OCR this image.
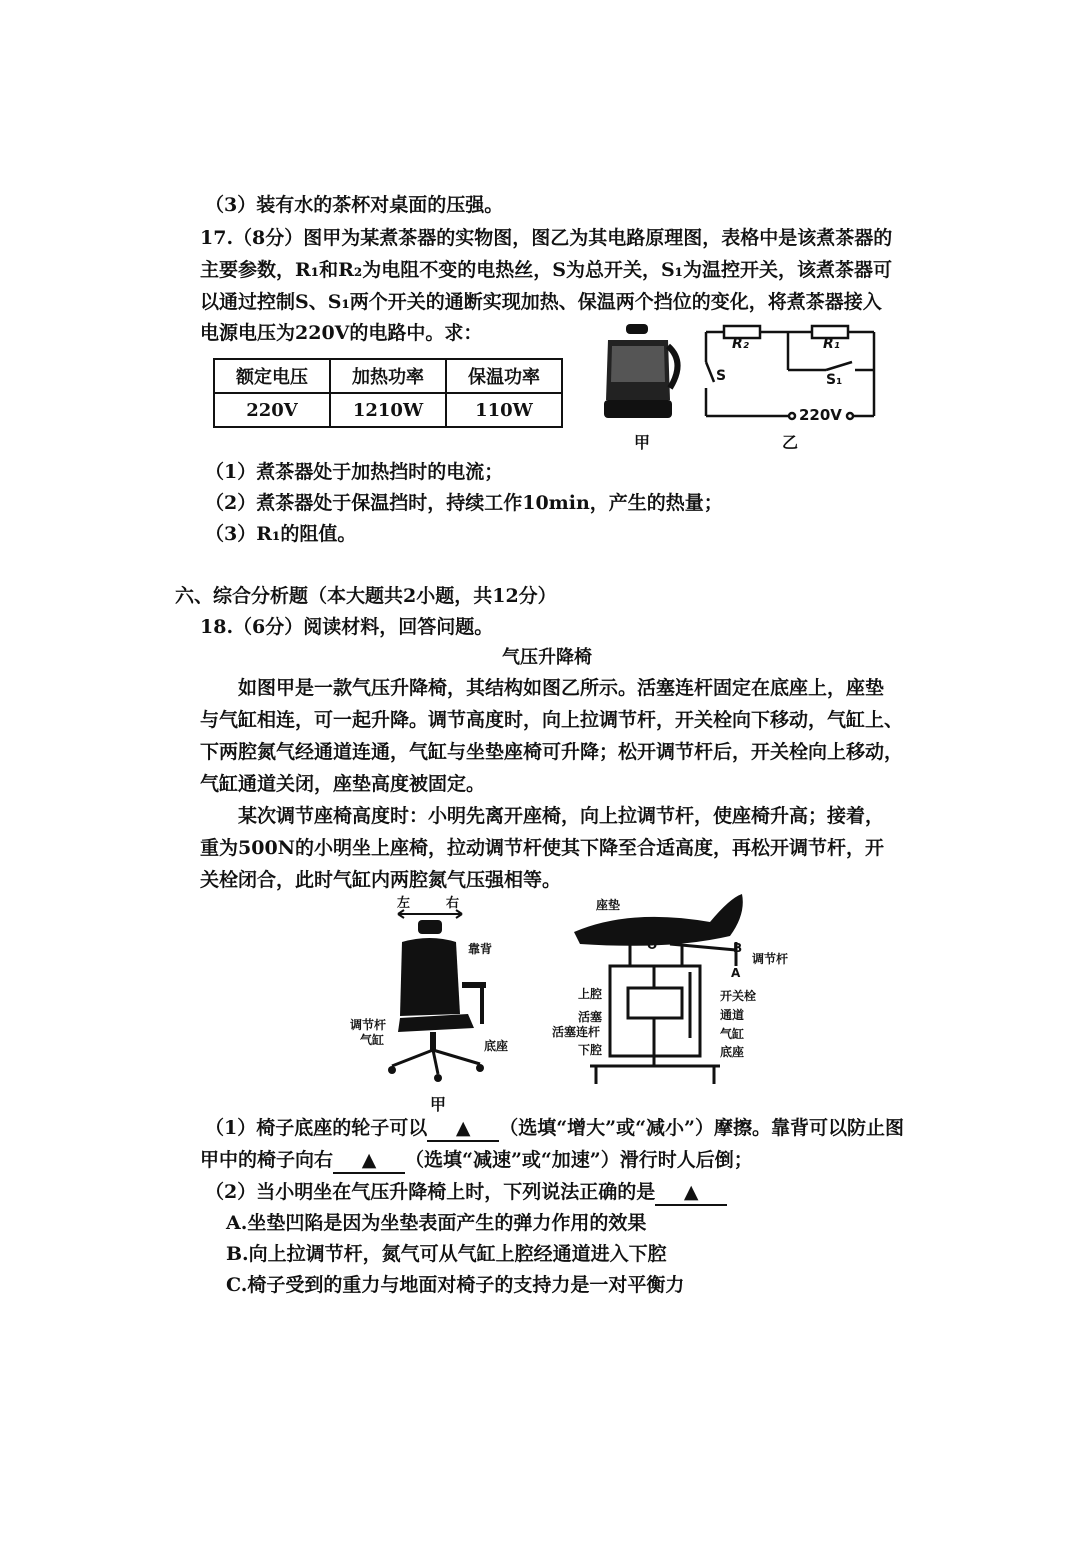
（3）装有水的茶杯对桌面的压强。
17.（8分）图甲为某煮茶器的实物图，图乙为其电路原理图，表格中是该煮茶器的
主要参数，R₁和R₂为电阻不变的电热丝，S为总开关，S₁为温控开关，该煮茶器可
以通过控制S、S₁两个开关的通断实现加热、保温两个挡位的变化，将煮茶器接入
电源电压为220V的电路中。求：
额定电压	加热功率	保温功率
220V	1210W	110W
甲
R₂	R₁
S	S₁
220V
乙
（1）煮茶器处于加热挡时的电流；
（2）煮茶器处于保温挡时，持续工作10min，产生的热量；
（3）R₁的阻值。
六、综合分析题（本大题共2小题，共12分）
18.（6分）阅读材料，回答问题。
气压升降椅
如图甲是一款气压升降椅，其结构如图乙所示。活塞连杆固定在底座上，座垫
与气缸相连，可一起升降。调节高度时，向上拉调节杆，开关栓向下移动，气缸上、
下两腔氮气经通道连通，气缸与坐垫座椅可升降；松开调节杆后，开关栓向上移动，
气缸通道关闭，座垫高度被固定。
某次调节座椅高度时：小明先离开座椅，向上拉调节杆，使座椅升高；接着，
重为500N的小明坐上座椅，拉动调节杆使其下降至合适高度，再松开调节杆，开
关栓闭合，此时气缸内两腔氮气压强相等。
左	右
靠背
调节杆
气缸	底座
甲
座垫
B
调节杆
A
O
上腔
活塞
活塞连杆
下腔
开关栓
通道
气缸
底座
（1）椅子底座的轮子可以 ▲ （选填“增大”或“减小”）摩擦。靠背可以防止图
甲中的椅子向右 ▲ （选填“减速”或“加速”）滑行时人后倒；
（2）当小明坐在气压升降椅上时，下列说法正确的是 ▲
A.坐垫凹陷是因为坐垫表面产生的弹力作用的效果
B.向上拉调节杆，氮气可从气缸上腔经通道进入下腔
C.椅子受到的重力与地面对椅子的支持力是一对平衡力
